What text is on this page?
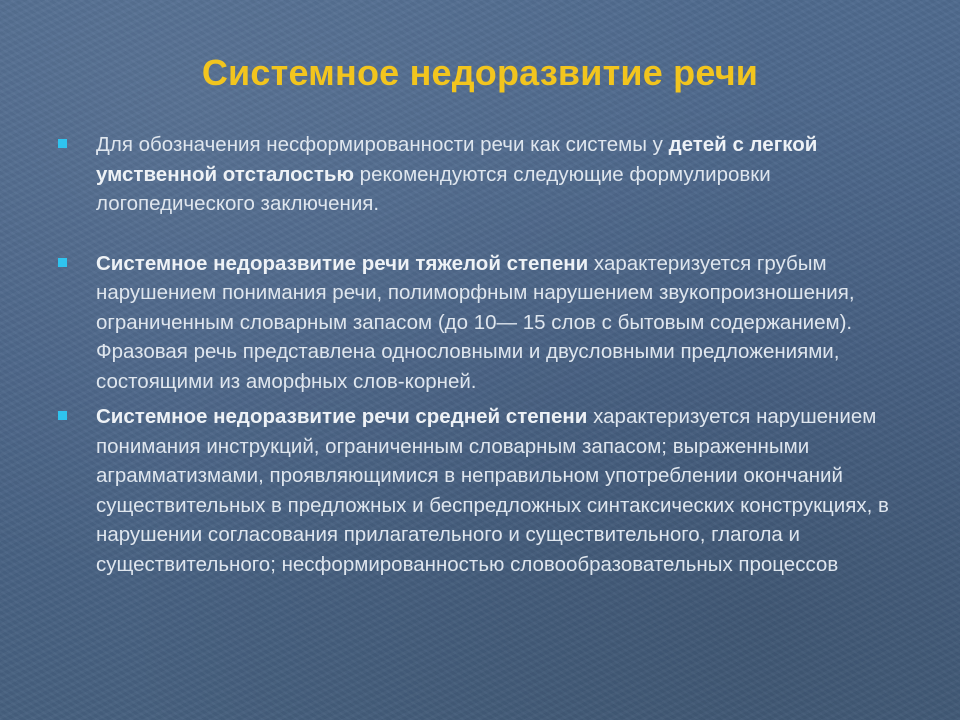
Системное недоразвитие речи

Для обозначения несформированности речи как системы у детей с легкой умственной отсталостью рекомендуются следующие формулировки логопедического заключения.

Системное недоразвитие речи тяжелой степени характеризуется грубым нарушением понимания речи, полиморфным нарушением звукопроизношения, ограниченным словарным запасом (до 10— 15 слов с бытовым содержанием). Фразовая речь представлена однословными и двусловными предложениями, состоящими из аморфных слов-корней.

Системное недоразвитие речи средней степени характеризуется нарушением понимания инструкций, ограниченным словарным запасом; выраженными аграмматизмами, проявляющимися в неправильном употреблении окончаний существительных в предложных и беспредложных синтаксических конструкциях, в нарушении согласования прилагательного и существительного, глагола и существительного; несформированностью словообразовательных процессов
